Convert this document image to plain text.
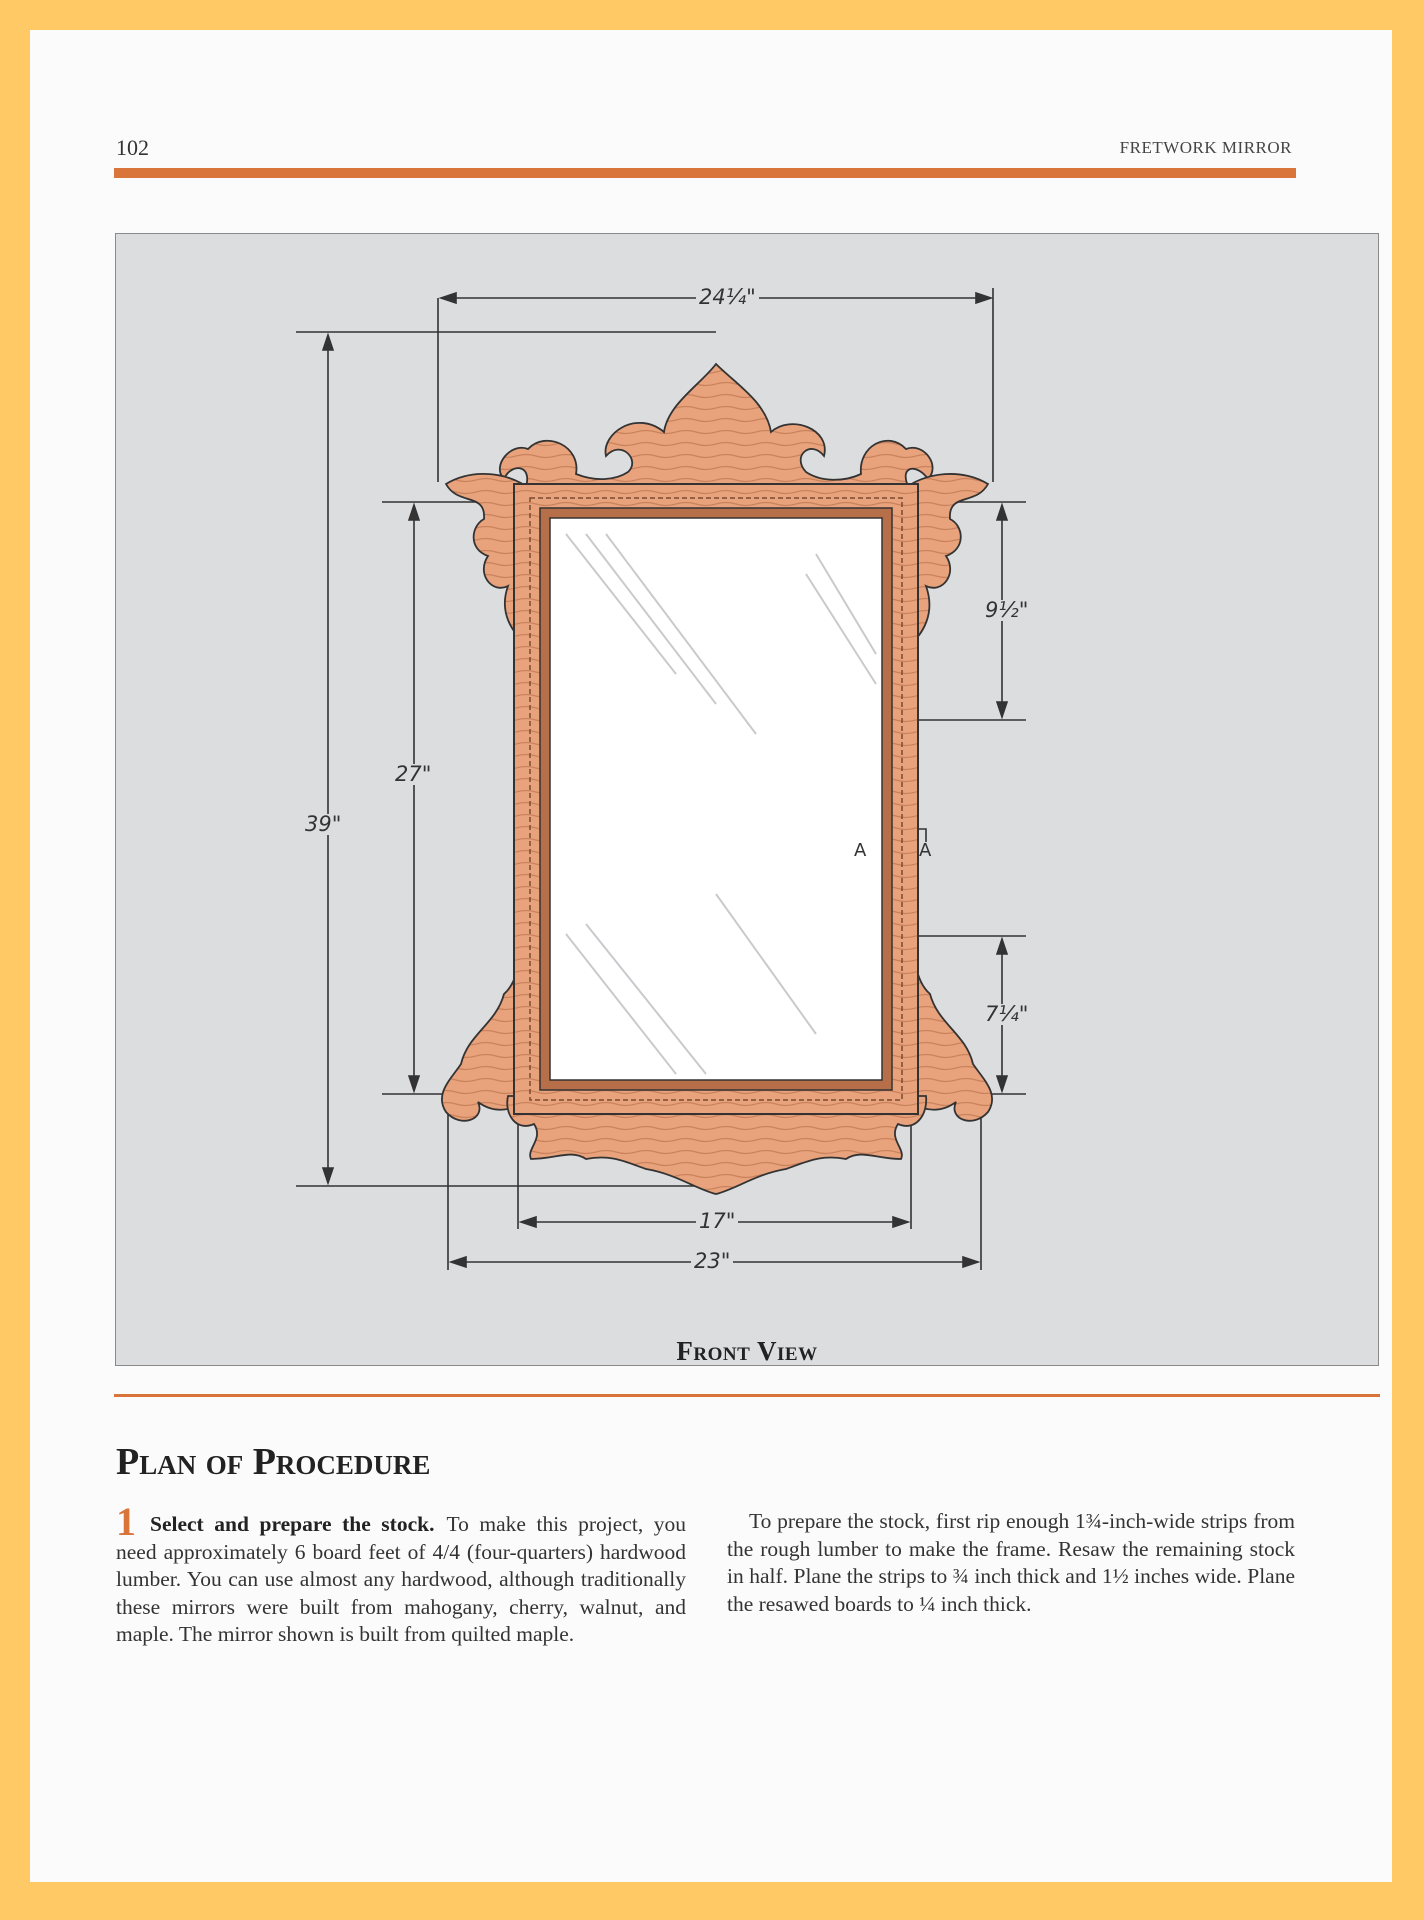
102	FRETWORK MIRROR
24¼"
39"
27"
9½"
7¼"
17"
23"
A	A
Front View
Plan of Procedure
1 Select and prepare the stock. To make this project, you need approximately 6 board feet of 4/4 (four-quarters) hardwood lumber. You can use almost any hardwood, although traditionally these mirrors were built from mahogany, cherry, walnut, and maple. The mirror shown is built from quilted maple.
To prepare the stock, first rip enough 1¾-inch-wide strips from the rough lumber to make the frame. Resaw the remaining stock in half. Plane the strips to ¾ inch thick and 1½ inches wide. Plane the resawed boards to ¼ inch thick.
